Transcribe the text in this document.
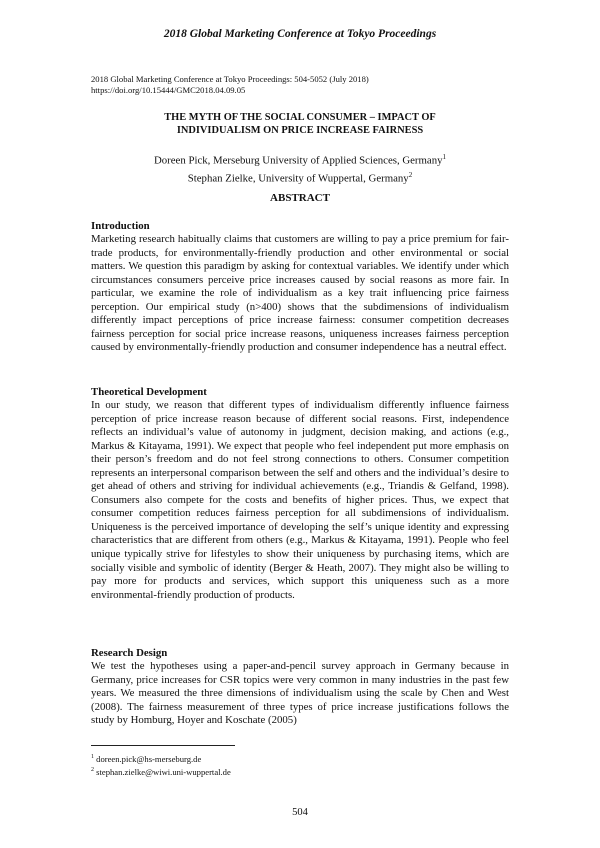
2018 Global Marketing Conference at Tokyo Proceedings
2018 Global Marketing Conference at Tokyo Proceedings: 504-5052 (July 2018)
https://doi.org/10.15444/GMC2018.04.09.05
THE MYTH OF THE SOCIAL CONSUMER – IMPACT OF
INDIVIDUALISM ON PRICE INCREASE FAIRNESS
Doreen Pick, Merseburg University of Applied Sciences, Germany$^1$
Stephan Zielke, University of Wuppertal, Germany$^2$
ABSTRACT
Introduction

Marketing research habitually claims that customers are willing to pay a price premium for fair-trade products, for environmentally-friendly production and other environmental or social matters. We question this paradigm by asking for contextual variables. We identify under which circumstances consumers perceive price increases caused by social reasons as more fair. In particular, we examine the role of individualism as a key trait influencing price fairness perception. Our empirical study (n>400) shows that the subdimensions of individualism differently impact perceptions of price increase fairness: consumer competition decreases fairness perception for social price increase reasons, uniqueness increases fairness perception caused by environmentally-friendly production and consumer independence has a neutral effect.

Theoretical Development

In our study, we reason that different types of individualism differently influence fairness perception of price increase reason because of different social reasons. First, independence reflects an individual’s value of autonomy in judgment, decision making, and actions (e.g., Markus & Kitayama, 1991). We expect that people who feel independent put more emphasis on their person’s freedom and do not feel strong connections to others. Consumer competition represents an interpersonal comparison between the self and others and the individual’s desire to get ahead of others and striving for individual achievements (e.g., Triandis & Gelfand, 1998). Consumers also compete for the costs and benefits of higher prices. Thus, we expect that consumer competition reduces fairness perception for all subdimensions of individualism. Uniqueness is the perceived importance of developing the self’s unique identity and expressing characteristics that are different from others (e.g., Markus & Kitayama, 1991). People who feel unique typically strive for lifestyles to show their uniqueness by purchasing items, which are socially visible and symbolic of identity (Berger & Heath, 2007). They might also be willing to pay more for products and services, which support this uniqueness such as a more environmental-friendly production of products.

Research Design

We test the hypotheses using a paper-and-pencil survey approach in Germany because in Germany, price increases for CSR topics were very common in many industries in the past few years. We measured the three dimensions of individualism using the scale by Chen and West (2008). The fairness measurement of three types of price increase justifications follows the study by Homburg, Hoyer and Koschate (2005)

$^1$ doreen.pick@hs-merseburg.de
$^2$ stephan.zielke@wiwi.uni-wuppertal.de
504
